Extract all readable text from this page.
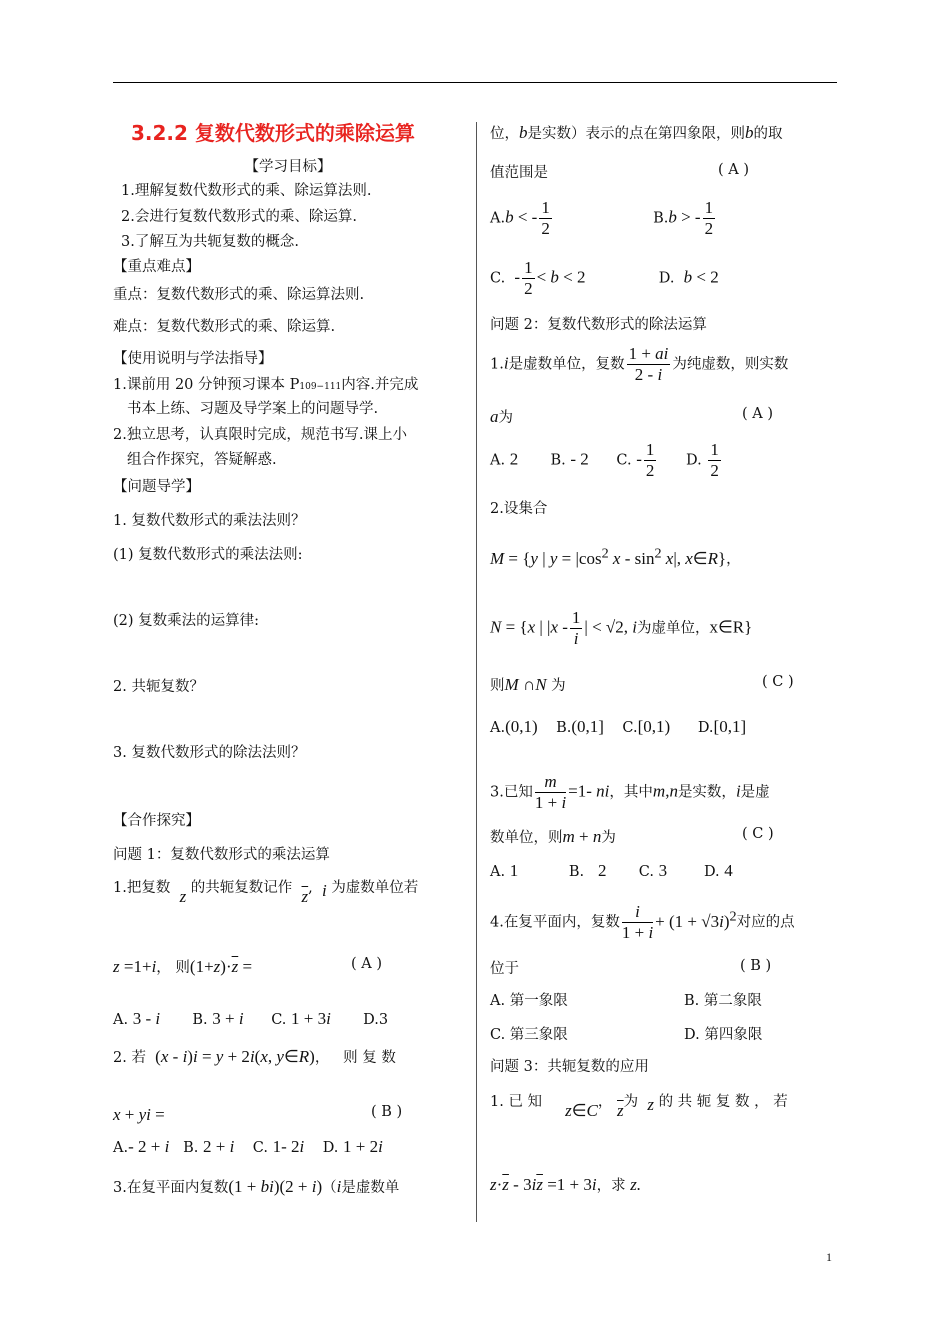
3.2.2 复数代数形式的乘除运算
【学习目标】
1.理解复数代数形式的乘、除运算法则.
2.会进行复数代数形式的乘、除运算.
3.了解互为共轭复数的概念.
【重点难点】
重点：复数代数形式的乘、除运算法则.
难点：复数代数形式的乘、除运算.
【使用说明与学法指导】
1.课前用 20 分钟预习课本 P109−111内容.并完成
书本上练、习题及导学案上的问题导学.
2.独立思考，认真限时完成，规范书写.课上小
组合作探究，答疑解惑.
【问题导学】
1. 复数代数形式的乘法法则？
(1) 复数代数形式的乘法法则:
(2) 复数乘法的运算律:
2. 共轭复数？
3. 复数代数形式的除法法则？
【合作探究】
问题 1：复数代数形式的乘法运算
1.把复数 z 的共轭复数记作 $\overline{z}$,  i 为虚数单位若
z =1+i， 则$(1+z)\cdot\overline{z}$ =	( A )
A. 3 - i B. 3 + i C. 1 + 3i D.3
2. 若 (x - i)i = y + 2i(x, y∈R)，   则 复 数
x + yi =	( B )
A.- 2 + i B. 2 + i C. 1- 2i D. 1 + 2i
3.在复平面内复数(1 + bi)(2 + i)（i是虚数单
位，b是实数）表示的点在第四象限，则b的取
值范围是	( A )
A.b < - $\frac{1}{2}$	B.b > - $\frac{1}{2}$
C. - $\frac{1}{2} < b < 2$	D. b < 2
问题 2：复数代数形式的除法运算
1.i是虚数单位，复数 $\frac{1 + ai}{2 - i}$ 为纯虚数，则实数
a为	( A )
A. 2 B. - 2 C. - $\frac{1}{2} D$. $\frac{1}{2}$
2.设集合
M = {y | $y = |\cos^2$ x - $\sin^2 x|$, x∈R}，
N = {x | $|x - \frac{1}{i}$ | < √2, i为虚单位，x∈R}
则M ∩N 为	( C )
A.(0,1) B.(0,1] C.[0,1) D.[0,1]
3.已知 $\frac{m}{1 + i} =1-$ ni，其中m,n是实数，i是虚
数单位，则m + n为	( C )
A. 1	B. 2 C. 3	D. 4
4.在复平面内，复数 $\frac{i}{1 + i} + (1 + √3i)^2$对应的点
位于	( B )
A. 第一象限	B. 第二象限
C. 第三象限	D. 第四象限
问题 3：共轭复数的应用
1. 已 知 z∈C， $\overline{z}$为 z 的 共 轭 复 数 ， 若
$z\cdot\overline{z} - 3i\overline{z} =1 + 3i$，求 z.
1
